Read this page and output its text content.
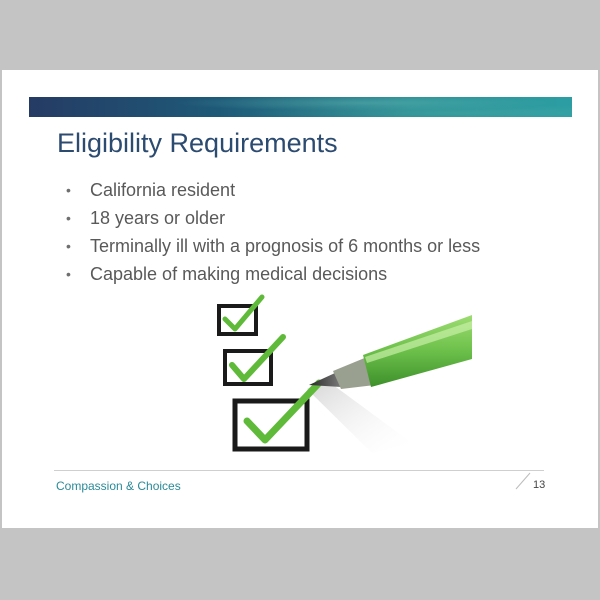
Eligibility Requirements
• California resident
• 18 years or older
• Terminally ill with a prognosis of 6 months or less
• Capable of making medical decisions
Compassion & Choices	13
